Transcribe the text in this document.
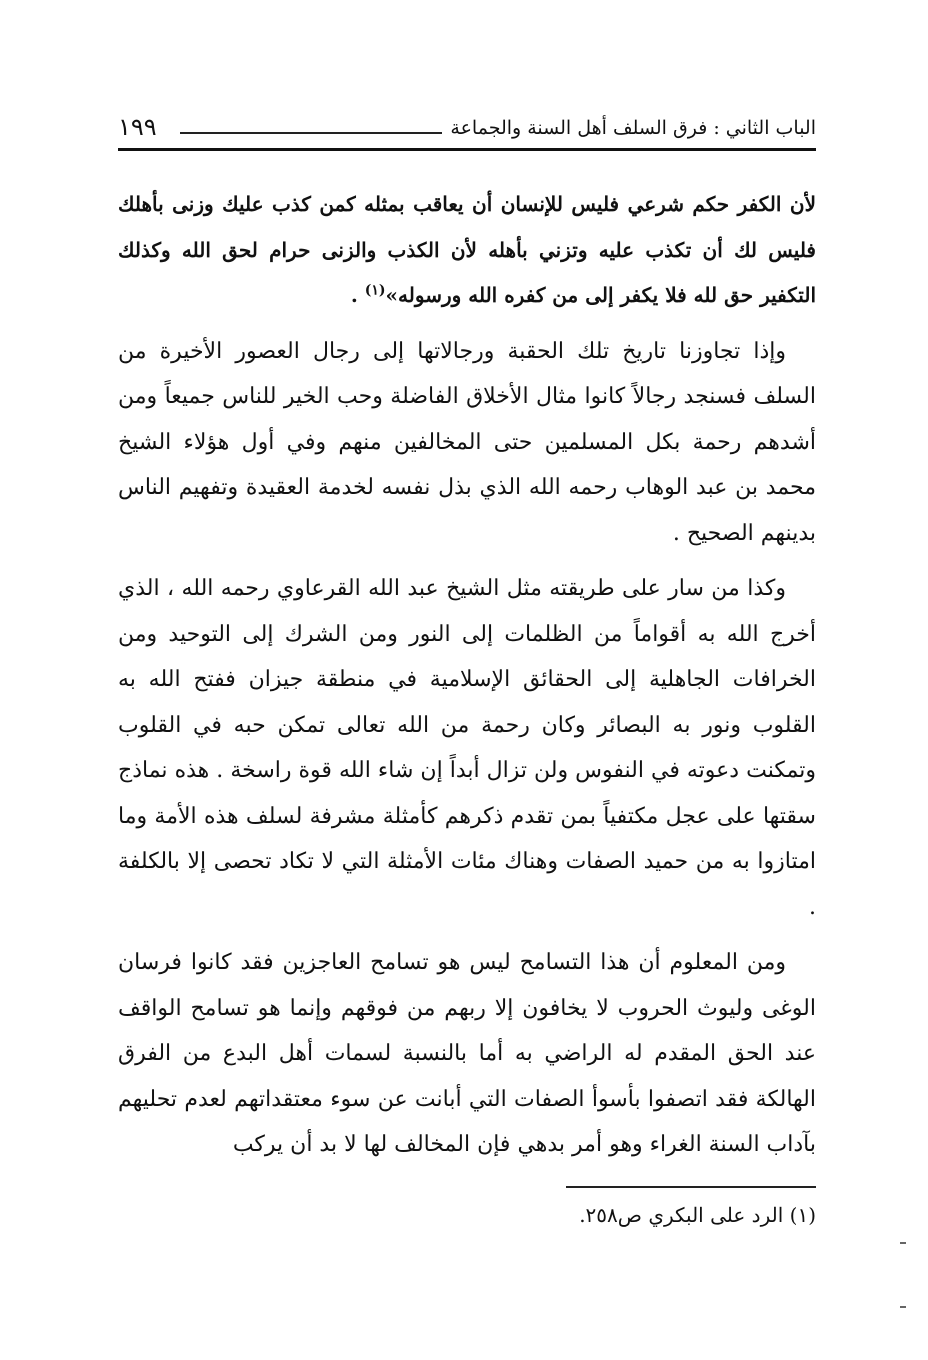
١٩٩	الباب الثاني : فرق السلف أهل السنة والجماعة

لأن الكفر حكم شرعي فليس للإنسان أن يعاقب بمثله كمن كذب عليك وزنى بأهلك فليس لك أن تكذب عليه وتزني بأهله لأن الكذب والزنى حرام لحق الله وكذلك التكفير حق لله فلا يكفر إلى من كفره الله ورسوله»$^{(١)}$ .

وإذا تجاوزنا تاريخ تلك الحقبة ورجالاتها إلى رجال العصور الأخيرة من السلف فسنجد رجالاً كانوا مثال الأخلاق الفاضلة وحب الخير للناس جميعاً ومن أشدهم رحمة بكل المسلمين حتى المخالفين منهم وفي أول هؤلاء الشيخ محمد بن عبد الوهاب رحمه الله الذي بذل نفسه لخدمة العقيدة وتفهيم الناس بدينهم الصحيح .

وكذا من سار على طريقته مثل الشيخ عبد الله القرعاوي رحمه الله ، الذي أخرج الله به أقواماً من الظلمات إلى النور ومن الشرك إلى التوحيد ومن الخرافات الجاهلية إلى الحقائق الإسلامية في منطقة جيزان ففتح الله به القلوب ونور به البصائر وكان رحمة من الله تعالى تمكن حبه في القلوب وتمكنت دعوته في النفوس ولن تزال أبداً إن شاء الله قوة راسخة . هذه نماذج سقتها على عجل مكتفياً بمن تقدم ذكرهم كأمثلة مشرفة لسلف هذه الأمة وما امتازوا به من حميد الصفات وهناك مئات الأمثلة التي لا تكاد تحصى إلا بالكلفة .

ومن المعلوم أن هذا التسامح ليس هو تسامح العاجزين فقد كانوا فرسان الوغى وليوث الحروب لا يخافون إلا ربهم من فوقهم وإنما هو تسامح الواقف عند الحق المقدم له الراضي به أما بالنسبة لسمات أهل البدع من الفرق الهالكة فقد اتصفوا بأسوأ الصفات التي أبانت عن سوء معتقداتهم لعدم تحليهم بآداب السنة الغراء وهو أمر بدهي فإن المخالف لها لا بد أن يركب

(١) الرد على البكري ص٢٥٨.
